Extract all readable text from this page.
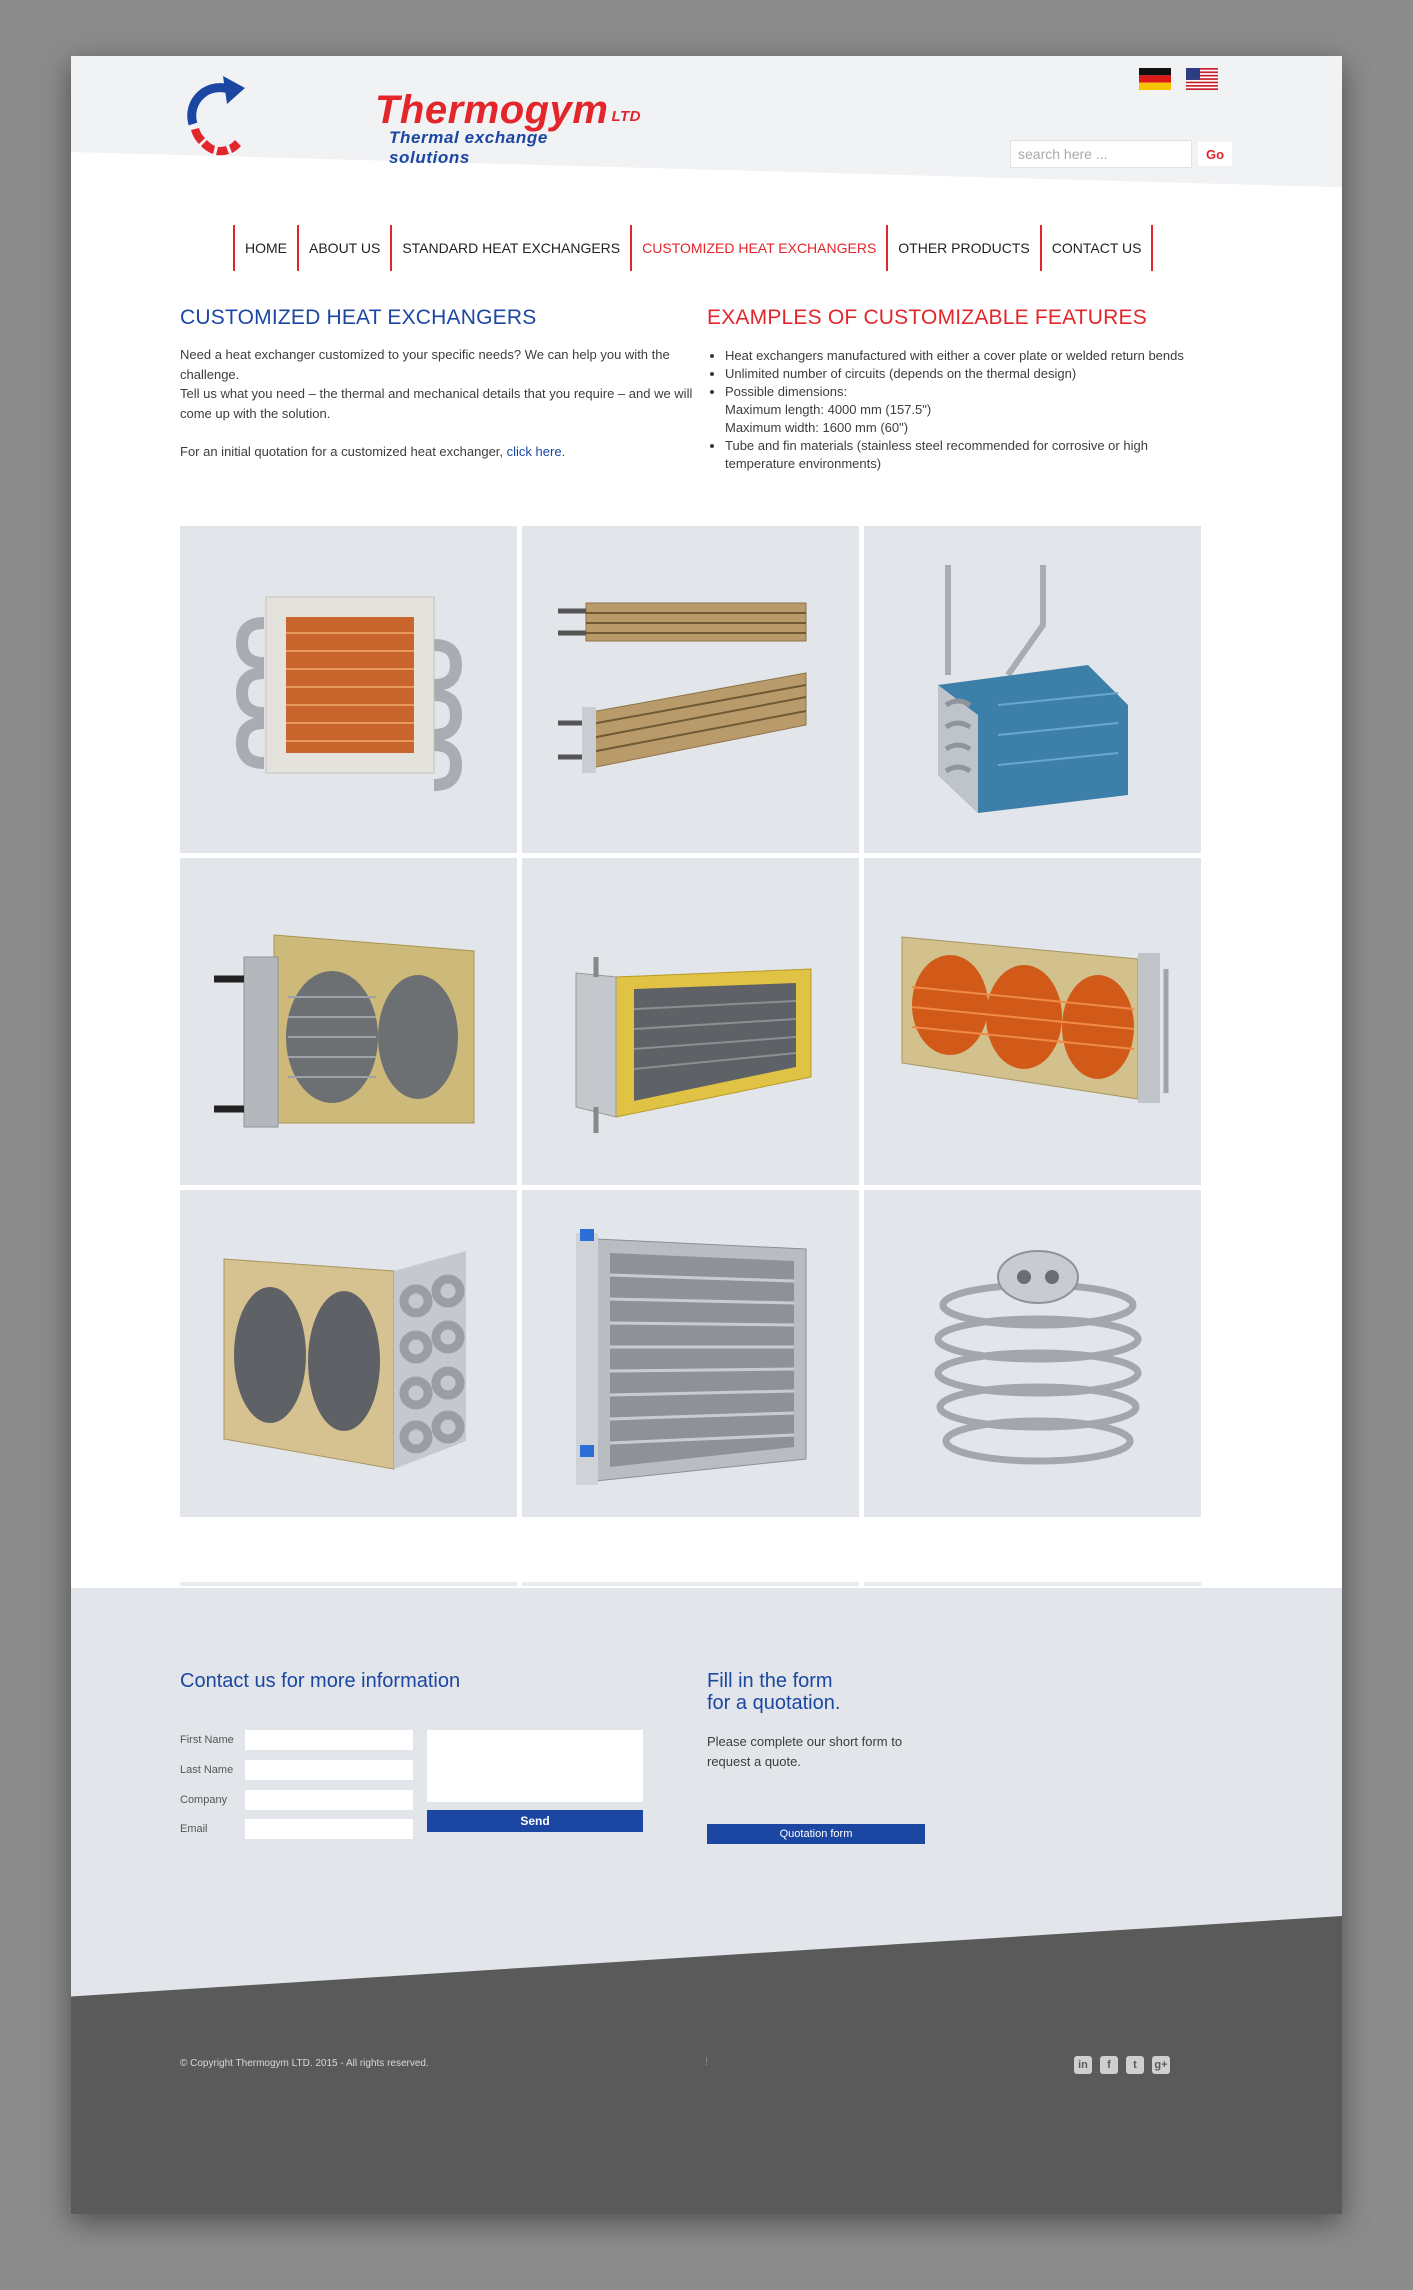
Thermogym LTD
Thermal exchange solutions
search here ...	Go
HOME	ABOUT US	STANDARD HEAT EXCHANGERS	CUSTOMIZED HEAT EXCHANGERS	OTHER PRODUCTS	CONTACT US
CUSTOMIZED HEAT EXCHANGERS

Need a heat exchanger customized to your specific needs? We can help you with the challenge.

Tell us what you need – the thermal and mechanical details that you require – and we will come up with the solution.

For an initial quotation for a customized heat exchanger, click here.

EXAMPLES OF CUSTOMIZABLE FEATURES
• Heat exchangers manufactured with either a cover plate or welded return bends
• Unlimited number of circuits (depends on the thermal design)
• Possible dimensions:
Maximum length: 4000 mm (157.5")
Maximum width: 1600 mm (60")
• Tube and fin materials (stainless steel recommended for corrosive or high temperature environments)
Contact us for more information
First Name
Last Name
Company
Email
Send
Fill in the form
for a quotation.

Please complete our short form to request a quote.

Quotation form
© Copyright Thermogym LTD. 2015 - All rights reserved.	!	in	f	t	g+
